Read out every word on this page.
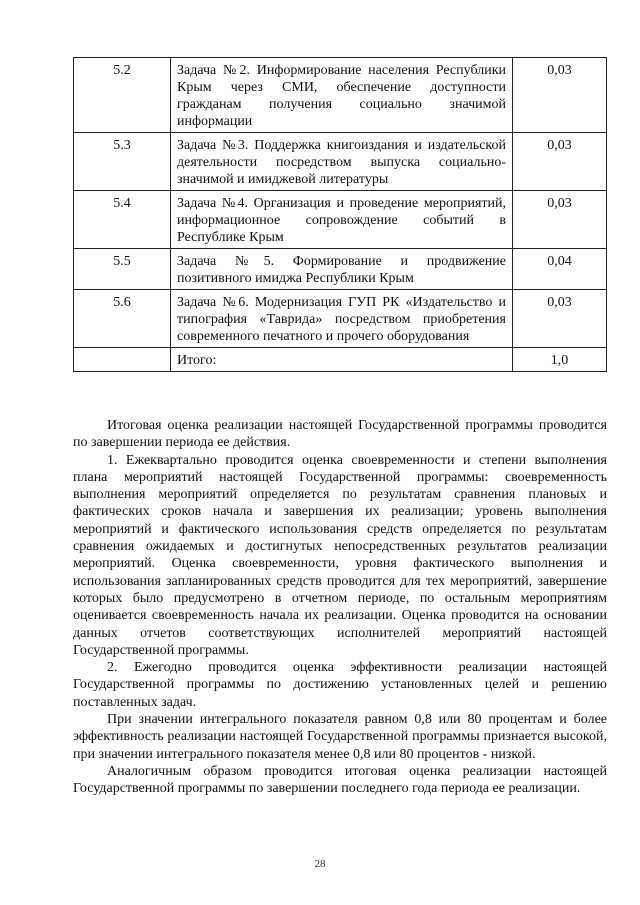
5.2	Задача №2. Информирование населения Республики Крым через СМИ, обеспечение доступности гражданам получения социально значимой информации	0,03
5.3	Задача №3. Поддержка книгоиздания и издательской деятельности посредством выпуска социально-значимой и имиджевой литературы	0,03
5.4	Задача №4. Организация и проведение мероприятий, информационное сопровождение событий в Республике Крым	0,03
5.5	Задача №5. Формирование и продвижение позитивного имиджа Республики Крым	0,04
5.6	Задача №6. Модернизация ГУП РК «Издательство и типография «Таврида» посредством приобретения современного печатного и прочего оборудования	0,03
	Итого:	1,0

Итоговая оценка реализации настоящей Государственной программы проводится по завершении периода ее действия.

1. Ежеквартально проводится оценка своевременности и степени выполнения плана мероприятий настоящей Государственной программы: своевременность выполнения мероприятий определяется по результатам сравнения плановых и фактических сроков начала и завершения их реализации; уровень выполнения мероприятий и фактического использования средств определяется по результатам сравнения ожидаемых и достигнутых непосредственных результатов реализации мероприятий. Оценка своевременности, уровня фактического выполнения и использования запланированных средств проводится для тех мероприятий, завершение которых было предусмотрено в отчетном периоде, по остальным мероприятиям оценивается своевременность начала их реализации. Оценка проводится на основании данных отчетов соответствующих исполнителей мероприятий настоящей Государственной программы.

2. Ежегодно проводится оценка эффективности реализации настоящей Государственной программы по достижению установленных целей и решению поставленных задач.

При значении интегрального показателя равном 0,8 или 80 процентам и более эффективность реализации настоящей Государственной программы признается высокой, при значении интегрального показателя менее 0,8 или 80 процентов - низкой.

Аналогичным образом проводится итоговая оценка реализации настоящей Государственной программы по завершении последнего года периода ее реализации.

28
